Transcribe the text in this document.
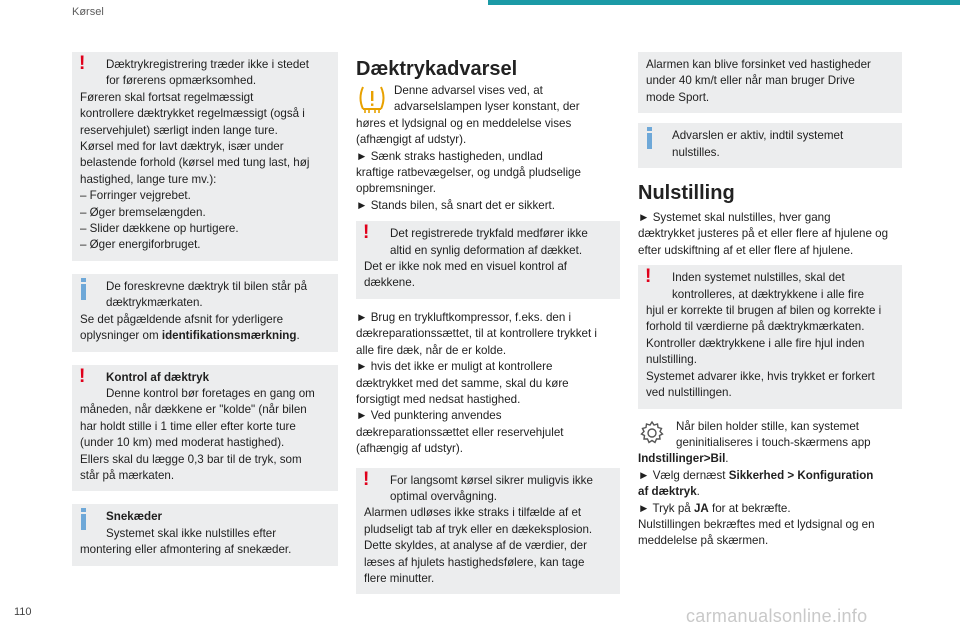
Kørsel
!	Dæktrykregistrering træder ikke i stedet
for førerens opmærksomhed.

Føreren skal fortsat regelmæssigt

kontrollere dæktrykket regelmæssigt (også i

reservehjulet) særligt inden lange ture.

Kørsel med for lavt dæktryk, især under

belastende forhold (kørsel med tung last, høj

hastighed, lange ture mv.):

– Forringer vejgrebet.

– Øger bremselængden.

– Slider dækkene op hurtigere.

– Øger energiforbruget.

De foreskrevne dæktryk til bilen står på
dæktrykmærkaten.

Se det pågældende afsnit for yderligere

oplysninger om identifikationsmærkning.

!	Kontrol af dæktryk
Denne kontrol bør foretages en gang om

måneden, når dækkene er "kolde" (når bilen

har holdt stille i 1 time eller efter korte ture

(under 10 km) med moderat hastighed).

Ellers skal du lægge 0,3 bar til de tryk, som

står på mærkaten.

Snekæder
Systemet skal ikke nulstilles efter

montering eller afmontering af snekæder.

Dæktrykadvarsel

Denne advarsel vises ved, at

advarselslampen lyser konstant, der

høres et lydsignal og en meddelelse vises

(afhængigt af udstyr).

► Sænk straks hastigheden, undlad

kraftige ratbevægelser, og undgå pludselige

opbremsninger.

► Stands bilen, så snart det er sikkert.

!	Det registrerede trykfald medfører ikke
altid en synlig deformation af dækket.

Det er ikke nok med en visuel kontrol af

dækkene.

► Brug en trykluftkompressor, f.eks. den i

dækreparationssættet, til at kontrollere trykket i

alle fire dæk, når de er kolde.

► hvis det ikke er muligt at kontrollere

dæktrykket med det samme, skal du køre

forsigtigt med nedsat hastighed.

► Ved punktering anvendes

dækreparationssættet eller reservehjulet

(afhængig af udstyr).

!	For langsomt kørsel sikrer muligvis ikke
optimal overvågning.

Alarmen udløses ikke straks i tilfælde af et

pludseligt tab af tryk eller en dækeksplosion.

Dette skyldes, at analyse af de værdier, der

læses af hjulets hastighedsfølere, kan tage

flere minutter.

Alarmen kan blive forsinket ved hastigheder

under 40 km/t eller når man bruger Drive

mode Sport.

Advarslen er aktiv, indtil systemet
nulstilles.
Nulstilling

► Systemet skal nulstilles, hver gang

dæktrykket justeres på et eller flere af hjulene og

efter udskiftning af et eller flere af hjulene.

!	Inden systemet nulstilles, skal det
kontrolleres, at dæktrykkene i alle fire

hjul er korrekte til brugen af bilen og korrekte i

forhold til værdierne på dæktrykmærkaten.

Kontroller dæktrykkene i alle fire hjul inden

nulstilling.

Systemet advarer ikke, hvis trykket er forkert

ved nulstillingen.

Når bilen holder stille, kan systemet

geninitialiseres i touch-skærmens app

Indstillinger>Bil.

► Vælg dernæst Sikkerhed > Konfiguration

af dæktryk.

► Tryk på JA for at bekræfte.

Nulstillingen bekræftes med et lydsignal og en

meddelelse på skærmen.

110	carmanualsonline.info
